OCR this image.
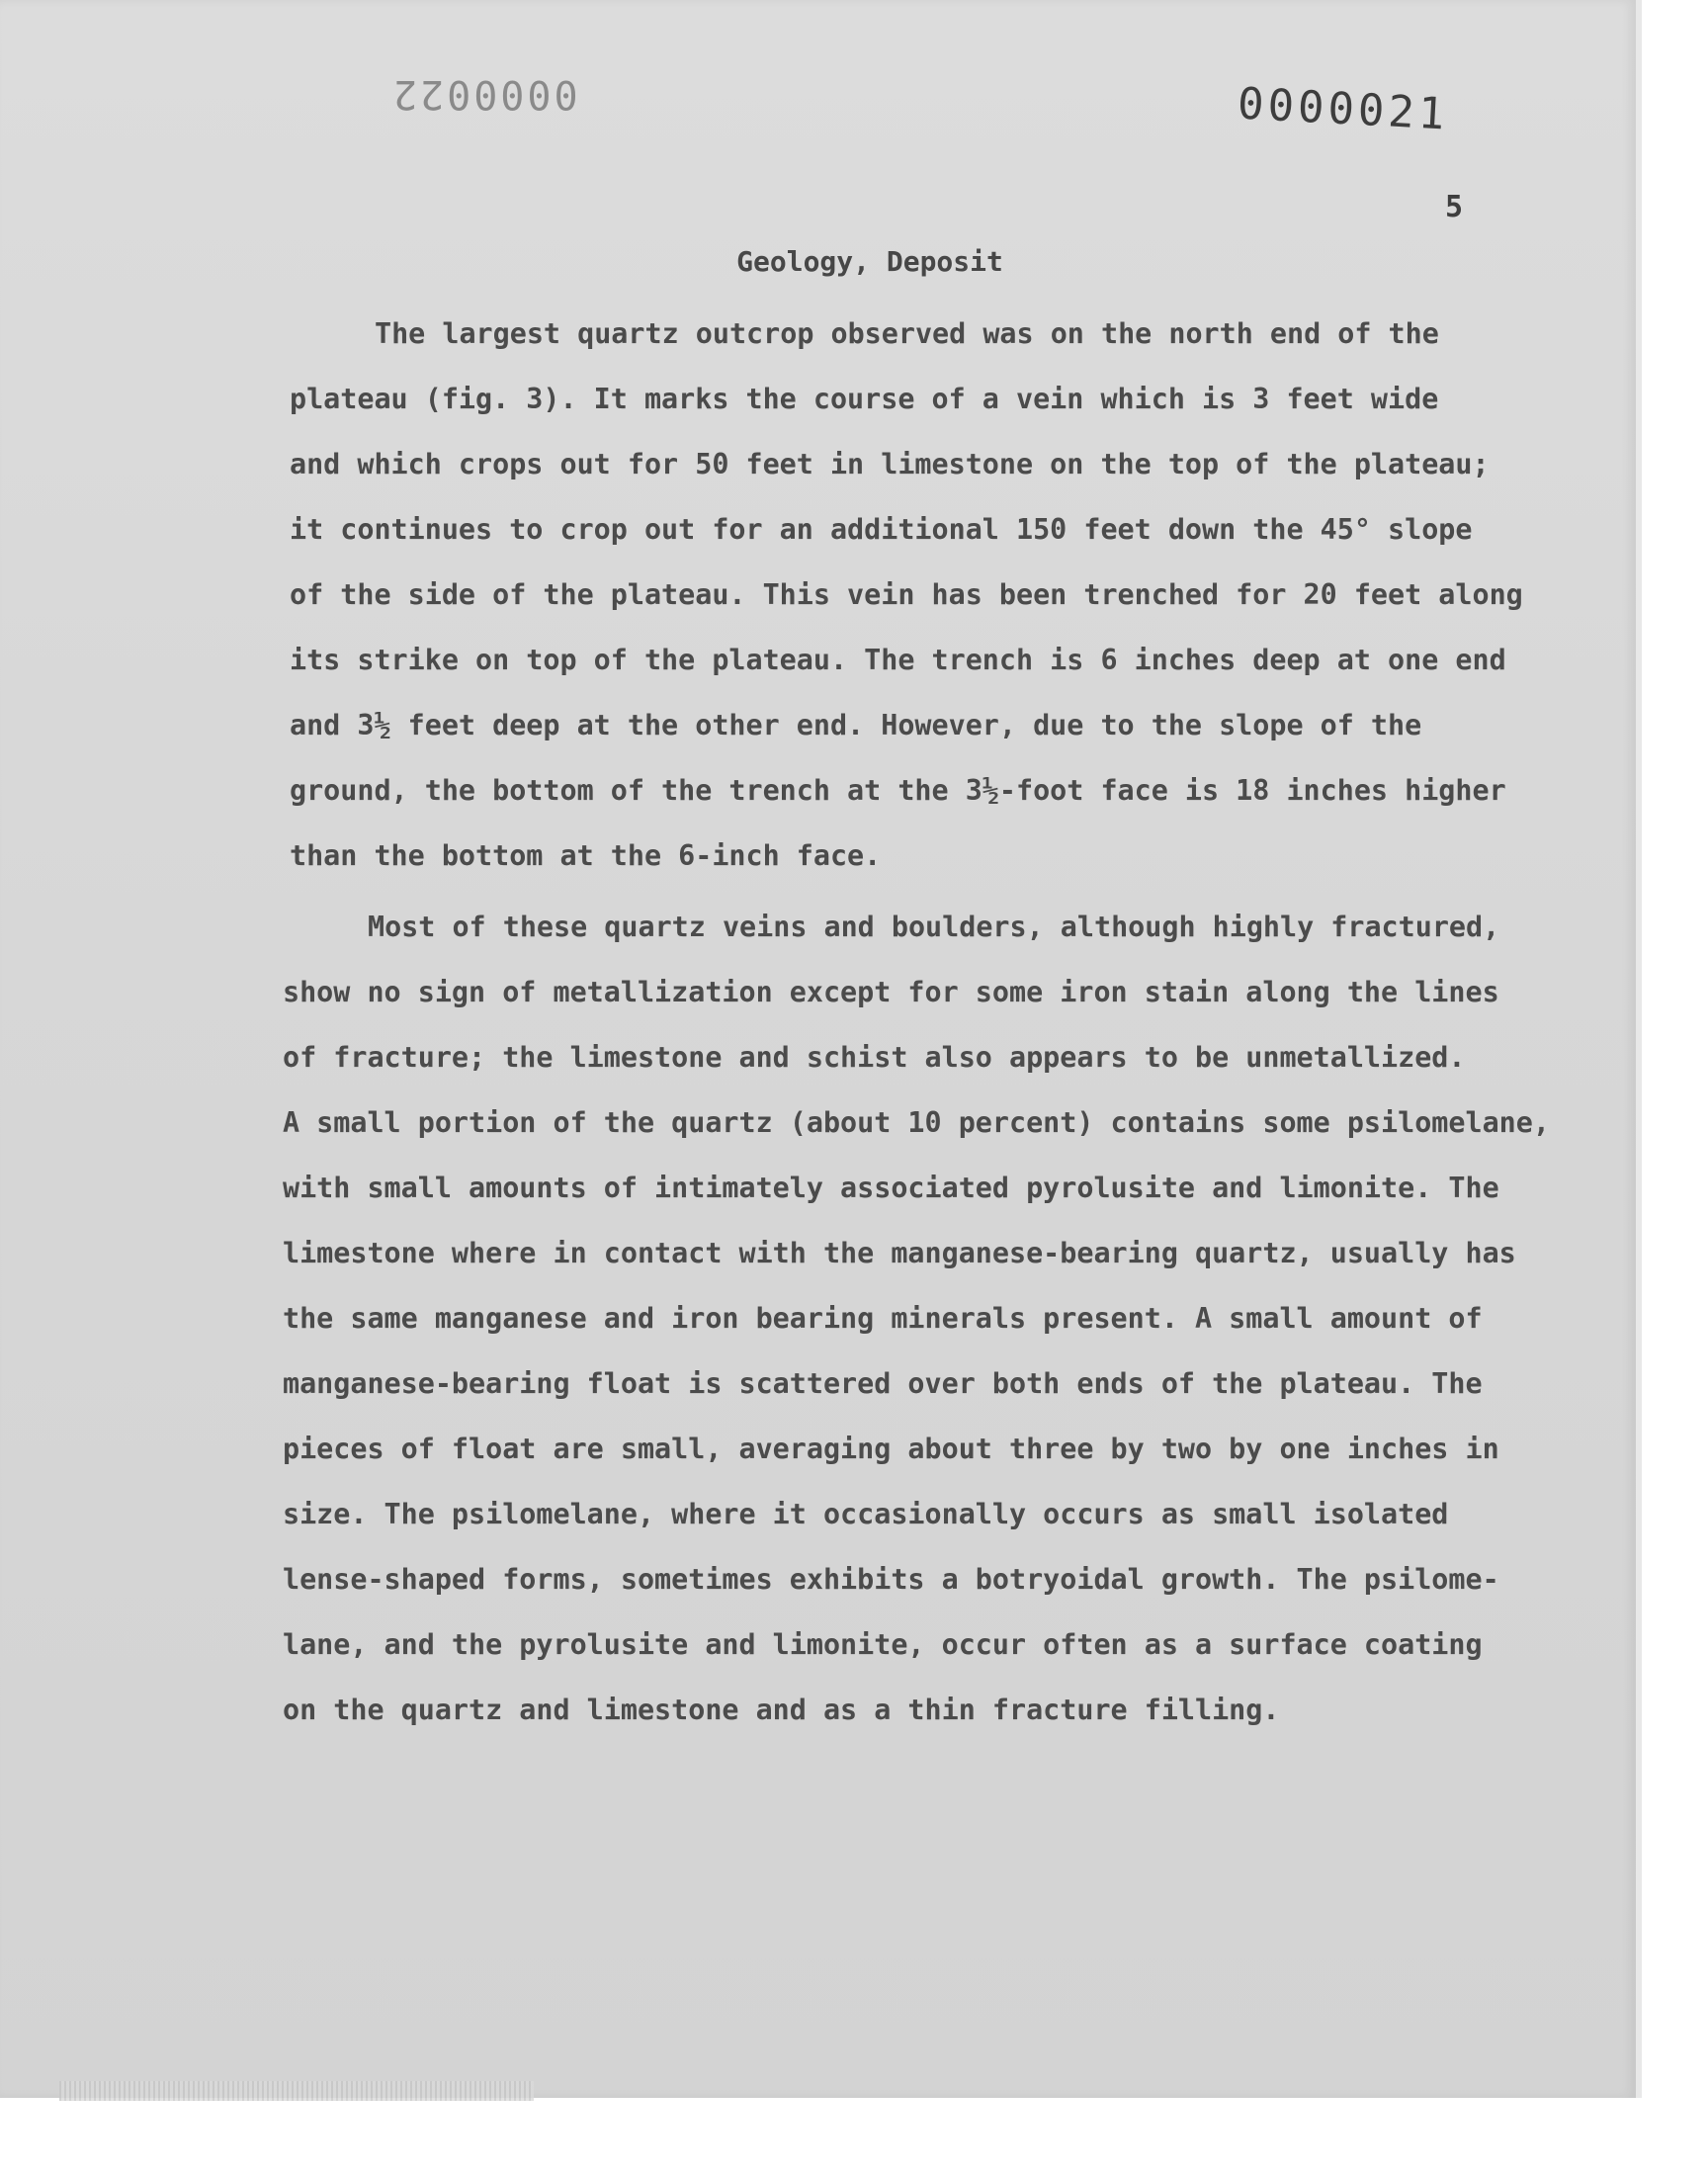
0000022	0000021
5
Geology, Deposit
The largest quartz outcrop observed was on the north end of the
plateau (fig. 3). It marks the course of a vein which is 3 feet wide
and which crops out for 50 feet in limestone on the top of the plateau;
it continues to crop out for an additional 150 feet down the 45° slope
of the side of the plateau. This vein has been trenched for 20 feet along
its strike on top of the plateau. The trench is 6 inches deep at one end
and 3½ feet deep at the other end. However, due to the slope of the
ground, the bottom of the trench at the 3½-foot face is 18 inches higher
than the bottom at the 6-inch face.
Most of these quartz veins and boulders, although highly fractured,
show no sign of metallization except for some iron stain along the lines
of fracture; the limestone and schist also appears to be unmetallized.
A small portion of the quartz (about 10 percent) contains some psilomelane,
with small amounts of intimately associated pyrolusite and limonite. The
limestone where in contact with the manganese-bearing quartz, usually has
the same manganese and iron bearing minerals present. A small amount of
manganese-bearing float is scattered over both ends of the plateau. The
pieces of float are small, averaging about three by two by one inches in
size. The psilomelane, where it occasionally occurs as small isolated
lense-shaped forms, sometimes exhibits a botryoidal growth. The psilome-
lane, and the pyrolusite and limonite, occur often as a surface coating
on the quartz and limestone and as a thin fracture filling.
